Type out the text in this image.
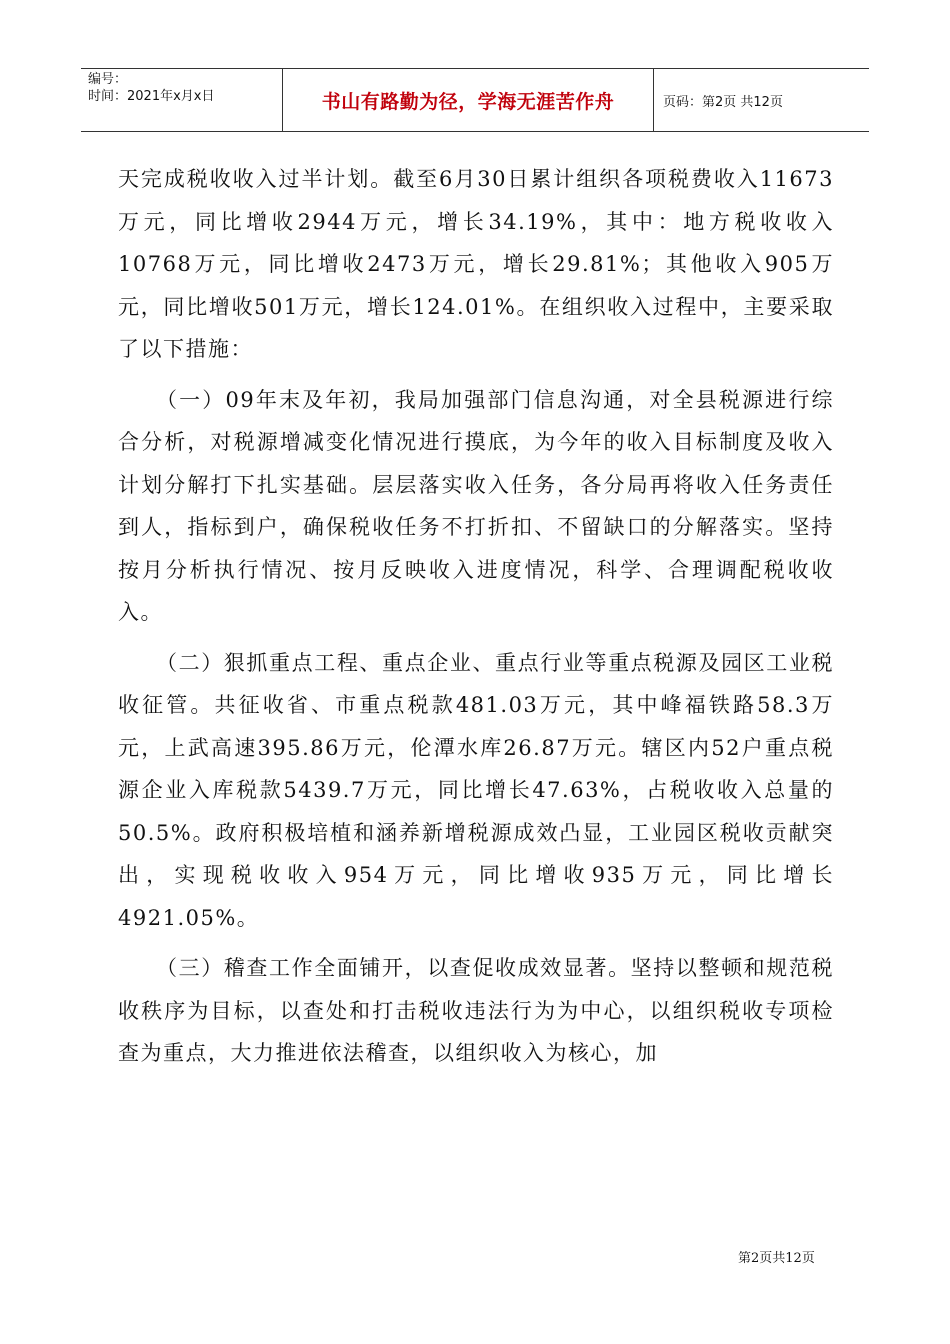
编号：
时间：2021年x月x日	书山有路勤为径，学海无涯苦作舟	页码：第2页 共12页

天完成税收收入过半计划。截至6月30日累计组织各项税费收入11673万元，同比增收2944万元，增长34.19%，其中：地方税收收入10768万元，同比增收2473万元，增长29.81%；其他收入905万元，同比增收501万元，增长124.01%。在组织收入过程中，主要采取了以下措施：

（一）09年末及年初，我局加强部门信息沟通，对全县税源进行综合分析，对税源增减变化情况进行摸底，为今年的收入目标制度及收入计划分解打下扎实基础。层层落实收入任务，各分局再将收入任务责任到人，指标到户，确保税收任务不打折扣、不留缺口的分解落实。坚持按月分析执行情况、按月反映收入进度情况，科学、合理调配税收收入。

（二）狠抓重点工程、重点企业、重点行业等重点税源及园区工业税收征管。共征收省、市重点税款481.03万元，其中峰福铁路58.3万元，上武高速395.86万元，伦潭水库26.87万元。辖区内52户重点税源企业入库税款5439.7万元，同比增长47.63%，占税收收入总量的50.5%。政府积极培植和涵养新增税源成效凸显，工业园区税收贡献突出，实现税收收入954万元，同比增收935万元，同比增长4921.05%。

（三）稽查工作全面铺开，以查促收成效显著。坚持以整顿和规范税收秩序为目标，以查处和打击税收违法行为为中心，以组织税收专项检查为重点，大力推进依法稽查，以组织收入为核心，加

第2页共12页
